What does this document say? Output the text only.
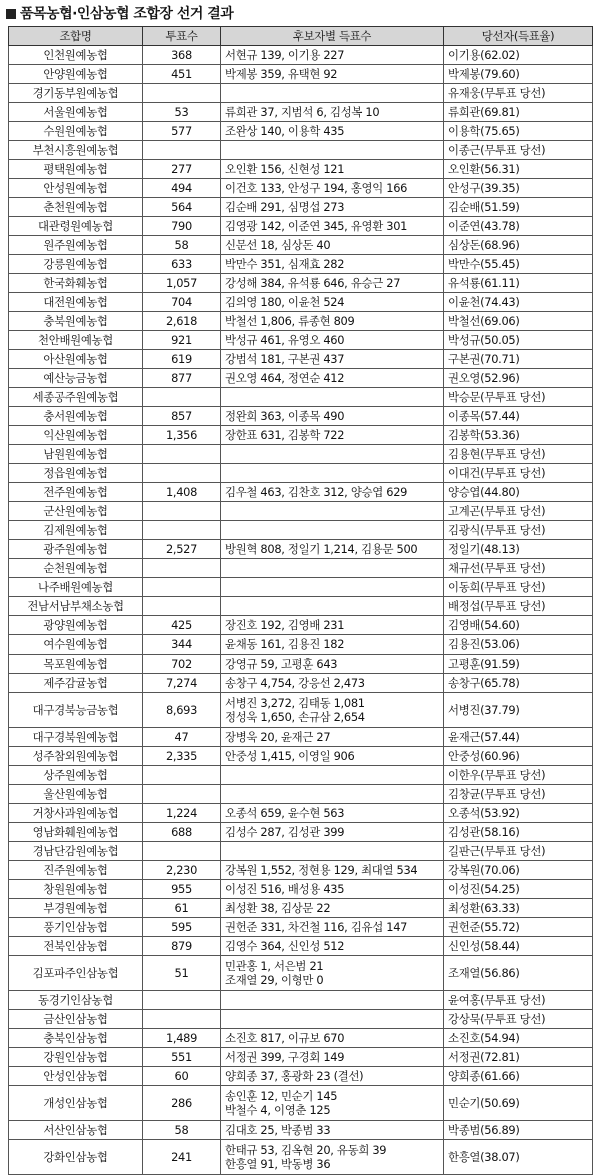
품목농협·인삼농협 조합장 선거 결과
조합명	투표수	후보자별 득표수	당선자(득표율)
인천원예농협	368	서현규 139, 이기용 227	이기용(62.02)
안양원예농협	451	박제봉 359, 유택현 92	박제봉(79.60)
경기동부원예농협			유재웅(무투표 당선)
서울원예농협	53	류희관 37, 지범석 6, 김성복 10	류희관(69.81)
수원원예농협	577	조완상 140, 이용학 435	이용학(75.65)
부천시흥원예농협			이종근(무투표 당선)
평택원예농협	277	오인환 156, 신현성 121	오인환(56.31)
안성원예농협	494	이건호 133, 안성구 194, 홍영익 166	안성구(39.35)
춘천원예농협	564	김순배 291, 심명섭 273	김순배(51.59)
대관령원예농협	790	김영광 142, 이준연 345, 유영환 301	이준연(43.78)
원주원예농협	58	신문선 18, 심상돈 40	심상돈(68.96)
강릉원예농협	633	박만수 351, 심재효 282	박만수(55.45)
한국화훼농협	1,057	강성해 384, 유석룡 646, 유승근 27	유석룡(61.11)
대전원예농협	704	김의영 180, 이윤천 524	이윤천(74.43)
충북원예농협	2,618	박철선 1,806, 류종현 809	박철선(69.06)
천안배원예농협	921	박성규 461, 유영오 460	박성규(50.05)
아산원예농협	619	강범석 181, 구본권 437	구본권(70.71)
예산능금농협	877	권오영 464, 정연순 412	권오영(52.96)
세종공주원예농협			박승문(무투표 당선)
충서원예농협	857	정완희 363, 이종목 490	이종목(57.44)
익산원예농협	1,356	장한표 631, 김봉학 722	김봉학(53.36)
남원원예농협			김용현(무투표 당선)
정읍원예농협			이대건(무투표 당선)
전주원예농협	1,408	김우철 463, 김찬호 312, 양승엽 629	양승엽(44.80)
군산원예농협			고계곤(무투표 당선)
김제원예농협			김광식(무투표 당선)
광주원예농협	2,527	방원혁 808, 정일기 1,214, 김용문 500	정일기(48.13)
순천원예농협			채규선(무투표 당선)
나주배원예농협			이동희(무투표 당선)
전남서남부채소농협			배정섭(무투표 당선)
광양원예농협	425	장진호 192, 김영배 231	김영배(54.60)
여수원예농협	344	윤채동 161, 김용진 182	김용진(53.06)
목포원예농협	702	강영규 59, 고평훈 643	고평훈(91.59)
제주감귤농협	7,274	송창구 4,754, 강응선 2,473	송창구(65.78)
대구경북능금농협	8,693	서병진 3,272, 김태동 1,081
정성욱 1,650, 손규삼 2,654	서병진(37.79)
대구경북원예농협	47	장병욱 20, 윤재근 27	윤재근(57.44)
성주참외원예농협	2,335	안중성 1,415, 이영일 906	안중성(60.96)
상주원예농협			이한우(무투표 당선)
울산원예농협			김창균(무투표 당선)
거창사과원예농협	1,224	오종석 659, 윤수현 563	오종석(53.92)
영남화훼원예농협	688	김성수 287, 김성관 399	김성관(58.16)
경남단감원예농협			길판근(무투표 당선)
진주원예농협	2,230	강복원 1,552, 정현용 129, 최대열 534	강복원(70.06)
창원원예농협	955	이성진 516, 배성용 435	이성진(54.25)
부경원예농협	61	최성환 38, 김상문 22	최성환(63.33)
풍기인삼농협	595	권헌준 331, 차건철 116, 김유섭 147	권헌준(55.72)
전북인삼농협	879	김영수 364, 신인성 512	신인성(58.44)
김포파주인삼농협	51	민관홍 1, 서은범 21
조재열 29, 이형만 0	조재열(56.86)
동경기인삼농협			윤여홍(무투표 당선)
금산인삼농협			강상묵(무투표 당선)
충북인삼농협	1,489	소진호 817, 이규보 670	소진호(54.94)
강원인삼농협	551	서정권 399, 구경회 149	서정권(72.81)
안성인삼농협	60	양희종 37, 홍광화 23 (결선)	양희종(61.66)
개성인삼농협	286	송인훈 12, 민순기 145
박철수 4, 이영춘 125	민순기(50.69)
서산인삼농협	58	김대호 25, 박종범 33	박종범(56.89)
강화인삼농협	241	한태규 53, 김옥현 20, 유동희 39
한흥열 91, 박동병 36	한흥열(38.07)
